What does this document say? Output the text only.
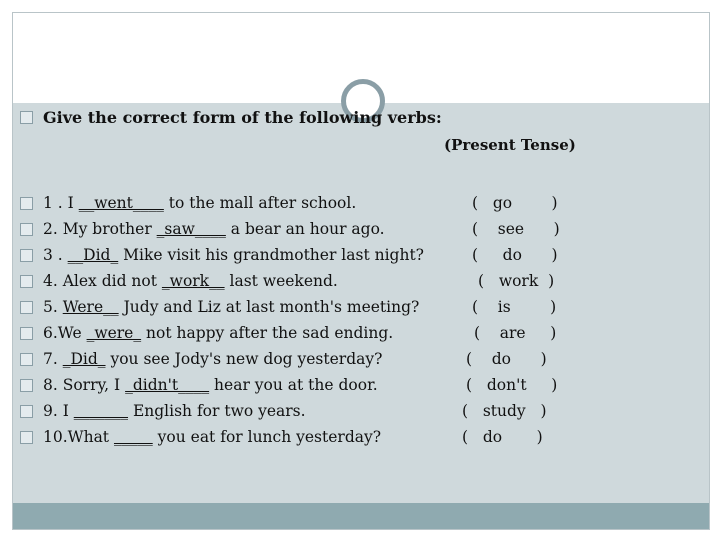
Give the correct form of the following verbs:
(Present Tense)
1 . I __went____ to the mall after school.	(   go        )
2. My brother _saw____ a bear an hour ago.	(    see      )
3 . __Did_ Mike visit his grandmother last night?	(     do      )
4. Alex did not _work__ last weekend.	(   work  )
5. Were__ Judy and Liz at last month's meeting?	(    is        )
6.We _were_ not happy after the sad ending.	(    are     )
7. _Did_ you see Jody's new dog yesterday?	(    do      )
8. Sorry, I _didn't____ hear you at the door.	(   don't     )
9. I _______ English for two years.	(   study   )
10.What _____ you eat for lunch yesterday?	(   do       )
